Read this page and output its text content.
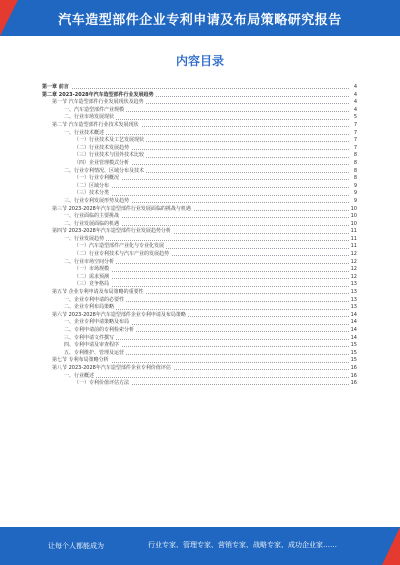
汽车造型部件企业专利申请及布局策略研究报告
内容目录
第一章 前言	4
第二章 2023-2028年汽车造型部件行业发展趋势	4
第一节 汽车造型部件行业发展现状及趋势	4
一、汽车造型部件产业规模	4
二、行业市场发展现状	5
第二节 汽车造型部件行业技术发展现状	7
一、行业技术概述	7
（一）行业技术及工艺发展现状	7
（二）行业技术发展趋势	7
（三）行业技术与国外技术比较	8
（四）企业管理模式分析	8
二、行业专利情况、区域分布及技术	8
（一）行业专利概况	8
（二）区域分布	9
（三）技术分类	9
三、行业专利发展形势及趋势	9
第三节 2023-2028年汽车造型部件行业发展面临的挑战与机遇	10
一、行业面临的主要挑战	10
二、行业发展面临的机遇	10
第四节 2023-2028年汽车造型部件行业发展趋势分析	11
一、行业发展趋势	11
（一）汽车造型部件产业化与专业化发展	11
（二）行业专利技术与汽车产业的发展趋势	12
二、行业市场空间分析	12
（一）市场规模	12
（二）需求预测	12
（三）竞争格局	13
第五节 企业专利申请及布局策略的重要性	13
一、企业专利申请的必要性	13
二、企业专利布局策略	13
第六节 2023-2028年汽车造型部件企业专利申请及布局策略	14
一、企业专利申请策略及布局	14
二、专利申请前的专利检索分析	14
三、专利申请文件撰写	14
四、专利申请及审查程序	15
五、专利维护、管理及运营	15
第七节 专利布局策略分析	15
第八节 2023-2028年汽车造型部件企业专利价值评估	16
一、行业概述	16
（一）专利价值评估方法	16
让每个人都能成为	行业专家、管理专家、营销专家、战略专家、成功企业家……
